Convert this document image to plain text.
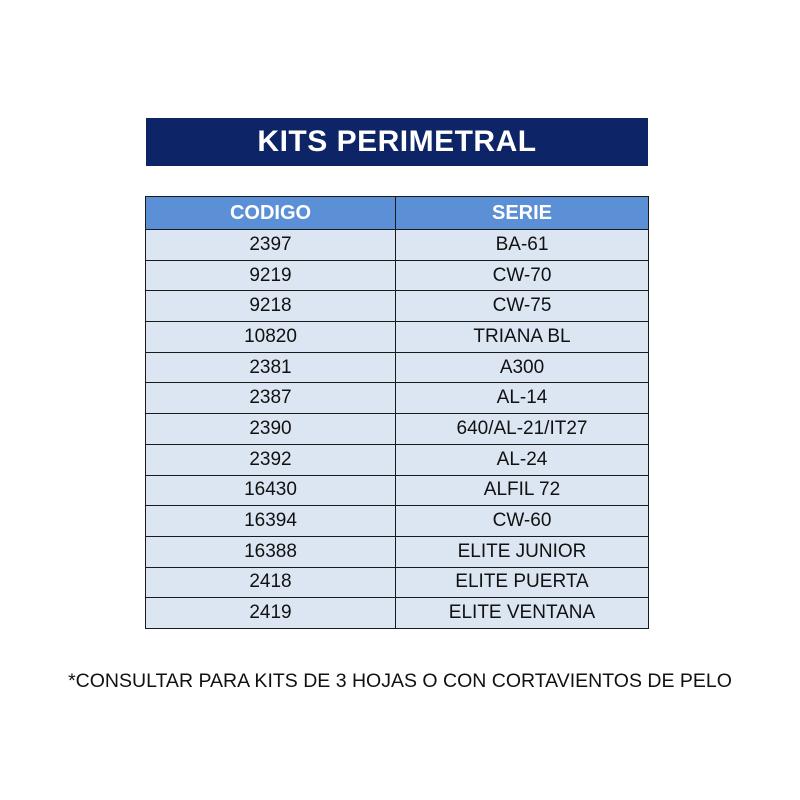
KITS PERIMETRAL
CODIGO	SERIE
2397	BA-61
9219	CW-70
9218	CW-75
10820	TRIANA BL
2381	A300
2387	AL-14
2390	640/AL-21/IT27
2392	AL-24
16430	ALFIL 72
16394	CW-60
16388	ELITE JUNIOR
2418	ELITE PUERTA
2419	ELITE VENTANA
*CONSULTAR PARA KITS DE 3 HOJAS O CON CORTAVIENTOS DE PELO
